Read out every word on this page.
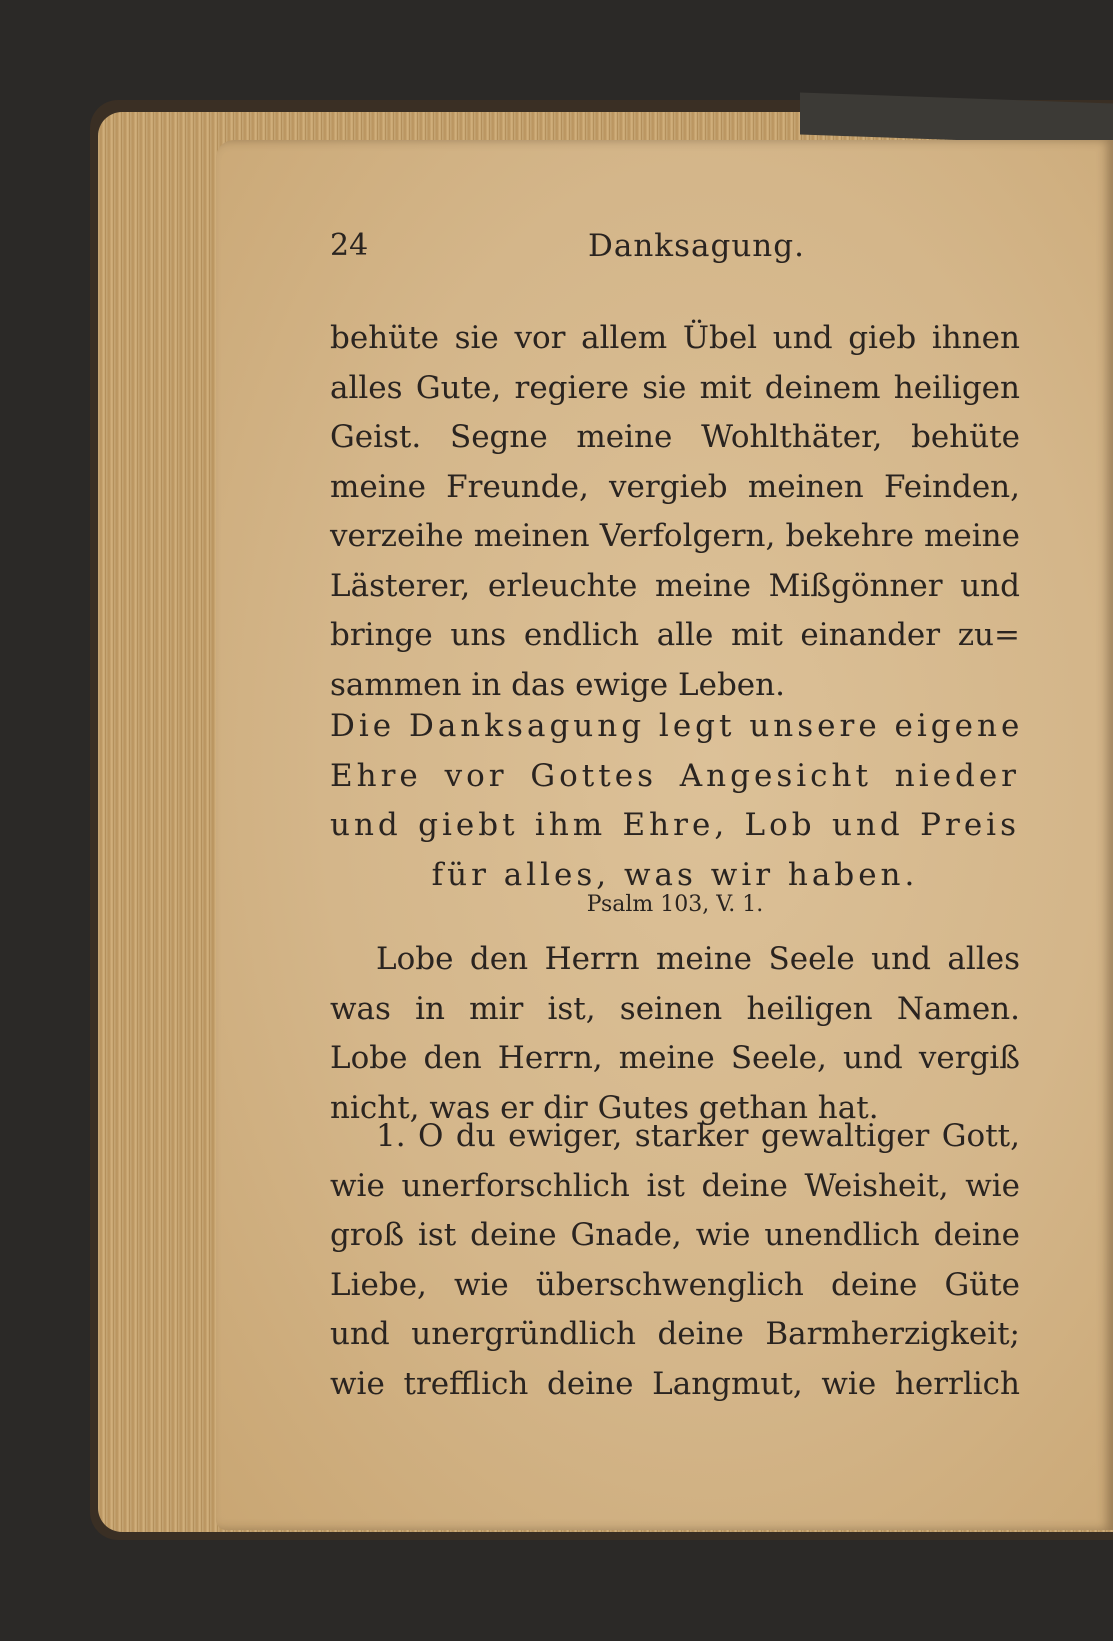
24	Danksagung.
behüte sie vor allem Übel und gieb ihnen
alles Gute, regiere sie mit deinem heiligen
Geist. Segne meine Wohlthäter, behüte
meine Freunde, vergieb meinen Feinden,
verzeihe meinen Verfolgern, bekehre meine
Lästerer, erleuchte meine Mißgönner und
bringe uns endlich alle mit einander zu=
sammen in das ewige Leben.
Die Danksagung legt unsere eigene
Ehre vor Gottes Angesicht nieder
und giebt ihm Ehre, Lob und Preis
für alles, was wir haben.
Psalm 103, V. 1.
Lobe den Herrn meine Seele und alles
was in mir ist, seinen heiligen Namen.
Lobe den Herrn, meine Seele, und vergiß
nicht, was er dir Gutes gethan hat.
1. O du ewiger, starker gewaltiger Gott,
wie unerforschlich ist deine Weisheit, wie
groß ist deine Gnade, wie unendlich deine
Liebe, wie überschwenglich deine Güte
und unergründlich deine Barmherzigkeit;
wie trefflich deine Langmut, wie herrlich
